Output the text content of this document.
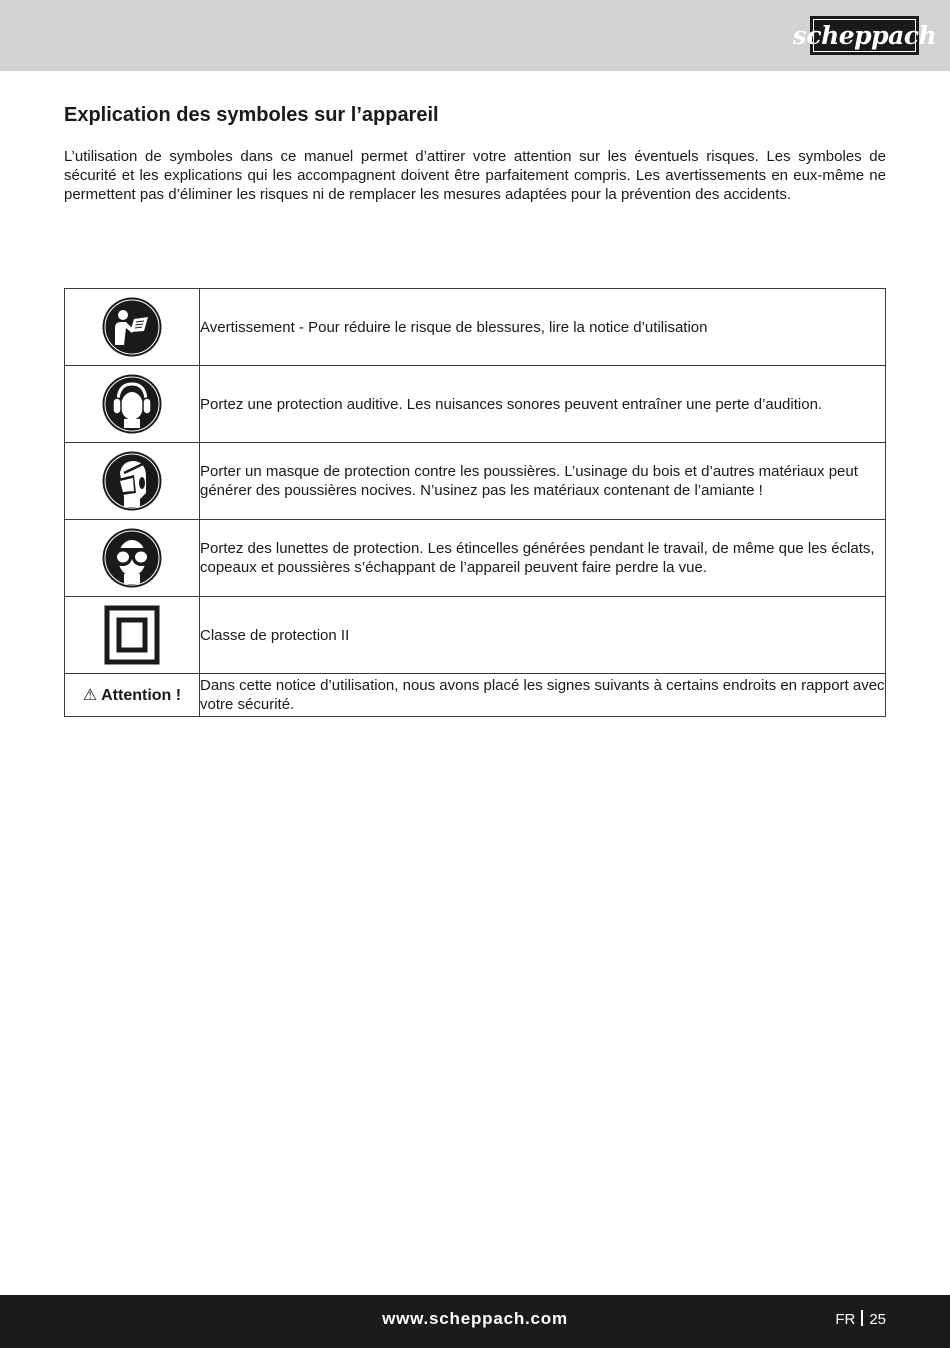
scheppach
Explication des symboles sur l’appareil

L’utilisation de symboles dans ce manuel permet d’attirer votre attention sur les éventuels risques. Les symboles de sécurité et les explications qui les accompagnent doivent être parfaitement compris. Les avertissements en eux-même ne permettent pas d’éliminer les risques ni de remplacer les mesures adaptées pour la prévention des accidents.

	Avertissement - Pour réduire le risque de blessures, lire la notice d’utilisation

	Portez une protection auditive. Les nuisances sonores peuvent entraîner une perte d’audition.

	Porter un masque de protection contre les poussières. L’usinage du bois et d’autres matériaux peut générer des poussières nocives. N’usinez pas les matériaux contenant de l’amiante !

	Portez des lunettes de protection. Les étincelles générées pendant le travail, de même que les éclats, copeaux et poussières s’échappant de l’appareil peuvent faire perdre la vue.

	Classe de protection II
⚠ Attention !	Dans cette notice d’utilisation, nous avons placé les signes suivants à certains endroits en rapport avec votre sécurité.
www.scheppach.com	FR 25
